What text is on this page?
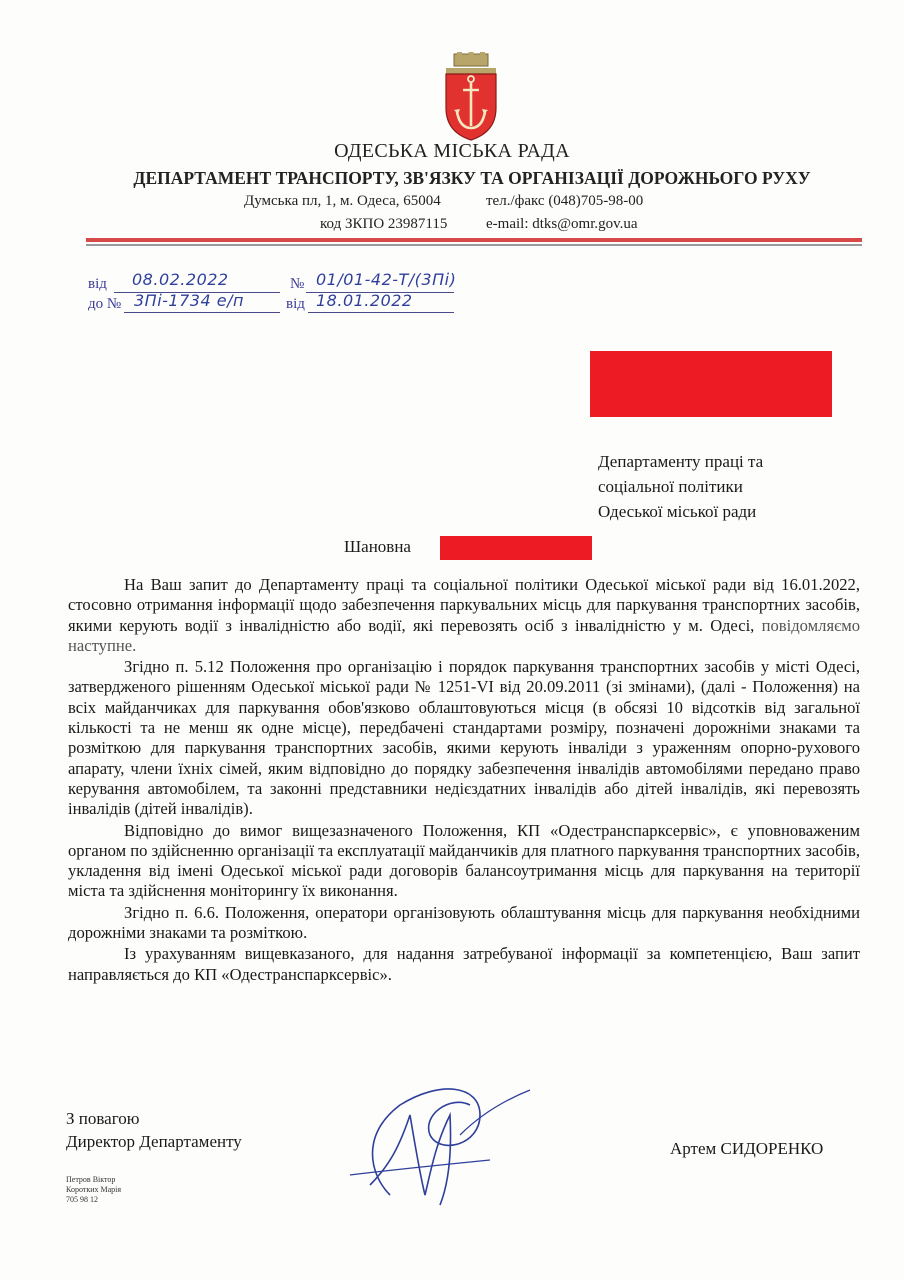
ОДЕСЬКА МІСЬКА РАДА
ДЕПАРТАМЕНТ ТРАНСПОРТУ, ЗВ'ЯЗКУ ТА ОРГАНІЗАЦІЇ ДОРОЖНЬОГО РУХУ
Думська пл, 1, м. Одеса, 65004	тел./факс (048)705-98-00
код ЗКПО 23987115	e-mail: dtks@omr.gov.ua
від 08.02.2022	№ 01/01-42-Т/(3Пі)
до № 3Пі-1734 е/п	від 18.01.2022
Департаменту праці та
соціальної політики
Одеської міської ради
Шановна

На Ваш запит до Департаменту праці та соціальної політики Одеської міської ради від 16.01.2022, стосовно отримання інформації щодо забезпечення паркувальних місць для паркування транспортних засобів, якими керують водії з інвалідністю або водії, які перевозять осіб з інвалідністю у м. Одесі, повідомляємо наступне.

Згідно п. 5.12 Положення про організацію і порядок паркування транспортних засобів у місті Одесі, затвердженого рішенням Одеської міської ради № 1251-VI від 20.09.2011 (зі змінами), (далі - Положення) на всіх майданчиках для паркування обов'язково облаштовуються місця (в обсязі 10 відсотків від загальної кількості та не менш як одне місце), передбачені стандартами розміру, позначені дорожніми знаками та розміткою для паркування транспортних засобів, якими керують інваліди з ураженням опорно-рухового апарату, члени їхніх сімей, яким відповідно до порядку забезпечення інвалідів автомобілями передано право керування автомобілем, та законні представники недієздатних інвалідів або дітей інвалідів, які перевозять інвалідів (дітей інвалідів).

Відповідно до вимог вищезазначеного Положення, КП «Одестранспарксервіс», є уповноваженим органом по здійсненню організації та експлуатації майданчиків для платного паркування транспортних засобів, укладення від імені Одеської міської ради договорів балансоутримання місць для паркування на території міста та здійснення моніторингу їх виконання.

Згідно п. 6.6. Положення, оператори організовують облаштування місць для паркування необхідними дорожніми знаками та розміткою.

Із урахуванням вищевказаного, для надання затребуваної інформації за компетенцією, Ваш запит направляється до КП «Одестранспарксервіс».

З повагою
Директор Департаменту	Артем СИДОРЕНКО
Петров Віктор
Коротких Марія
705 98 12
